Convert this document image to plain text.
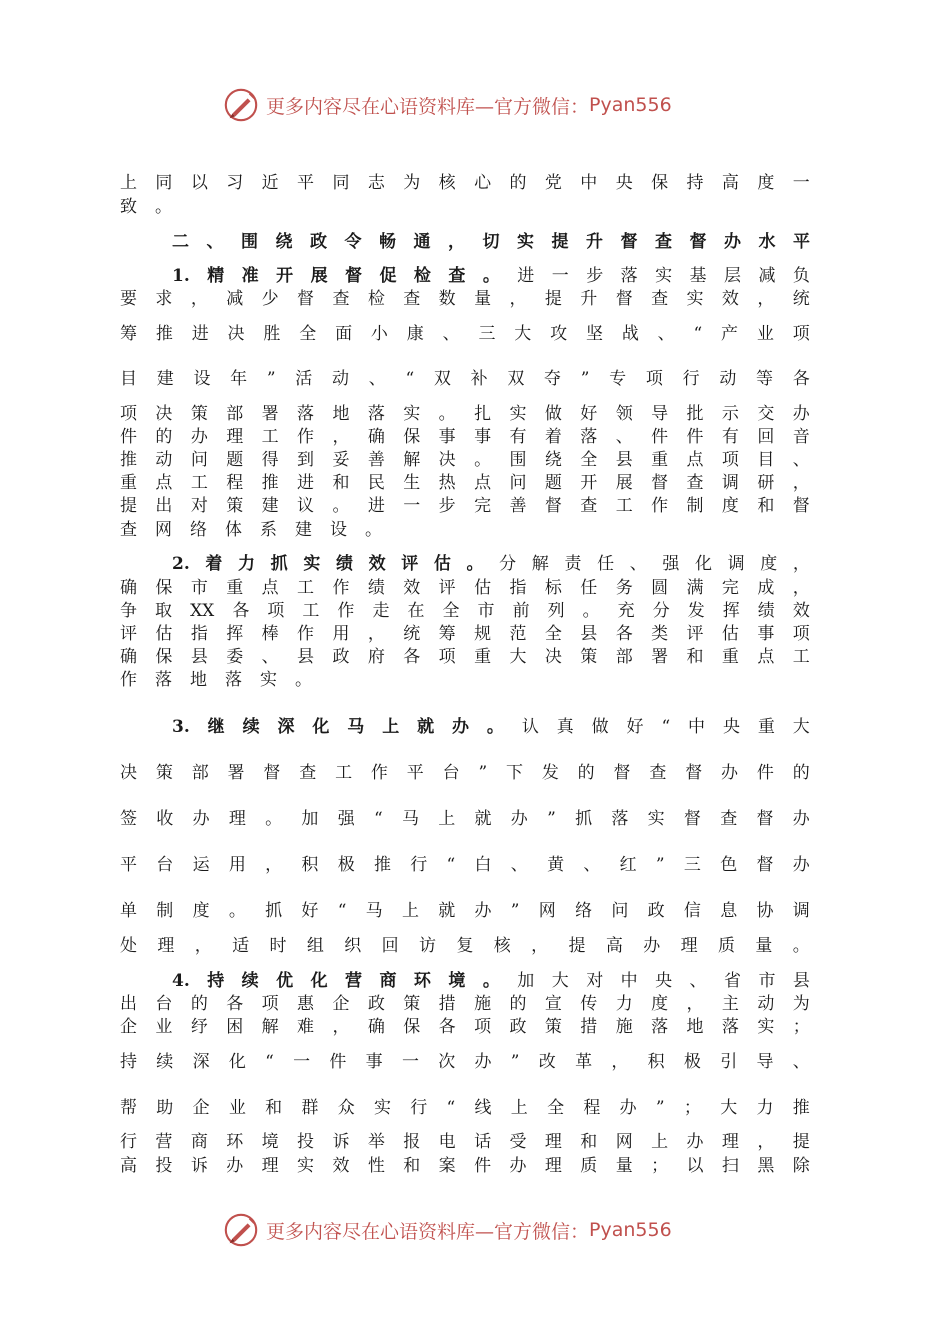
更多内容尽在心语资料库—官方微信： Pyan556
上 同 以 习 近 平 同 志 为 核 心 的 党 中 央 保 持 高 度 一
致 。
二 、 围 绕 政 令 畅 通 ， 切 实 提 升 督 查 督 办 水 平
1. 精 准 开 展 督 促 检 查 。 进 一 步 落 实 基 层 减 负
要 求 ， 减 少 督 查 检 查 数 量 ， 提 升 督 查 实 效 ， 统
筹 推 进 决 胜 全 面 小 康 、 三 大 攻 坚 战 、 “ 产 业 项
目 建 设 年 ” 活 动 、 “ 双 补 双 夺 ” 专 项 行 动 等 各
项 决 策 部 署 落 地 落 实 。 扎 实 做 好 领 导 批 示 交 办
件 的 办 理 工 作 ， 确 保 事 事 有 着 落 、 件 件 有 回 音
推 动 问 题 得 到 妥 善 解 决 。 围 绕 全 县 重 点 项 目 、
重 点 工 程 推 进 和 民 生 热 点 问 题 开 展 督 查 调 研 ，
提 出 对 策 建 议 。 进 一 步 完 善 督 查 工 作 制 度 和 督
查 网 络 体 系 建 设 。
2. 着 力 抓 实 绩 效 评 估 。 分 解 责 任 、 强 化 调 度 ，
确 保 市 重 点 工 作 绩 效 评 估 指 标 任 务 圆 满 完 成 ，
争 取 XX 各 项 工 作 走 在 全 市 前 列 。 充 分 发 挥 绩 效
评 估 指 挥 棒 作 用 ， 统 筹 规 范 全 县 各 类 评 估 事 项
确 保 县 委 、 县 政 府 各 项 重 大 决 策 部 署 和 重 点 工
作 落 地 落 实 。
3. 继 续 深 化 马 上 就 办 。 认 真 做 好 “ 中 央 重 大
决 策 部 署 督 查 工 作 平 台 ” 下 发 的 督 查 督 办 件 的
签 收 办 理 。 加 强 “ 马 上 就 办 ” 抓 落 实 督 查 督 办
平 台 运 用 ， 积 极 推 行 “ 白 、 黄 、 红 ” 三 色 督 办
单 制 度 。 抓 好 “ 马 上 就 办 ” 网 络 问 政 信 息 协 调
处 理 ， 适 时 组 织 回 访 复 核 ， 提 高 办 理 质 量 。
4. 持 续 优 化 营 商 环 境 。 加 大 对 中 央 、 省 市 县
出 台 的 各 项 惠 企 政 策 措 施 的 宣 传 力 度 ， 主 动 为
企 业 纾 困 解 难 ， 确 保 各 项 政 策 措 施 落 地 落 实 ；
持 续 深 化 “ 一 件 事 一 次 办 ” 改 革 ， 积 极 引 导 、
帮 助 企 业 和 群 众 实 行 “ 线 上 全 程 办 ” ； 大 力 推
行 营 商 环 境 投 诉 举 报 电 话 受 理 和 网 上 办 理 ， 提
高 投 诉 办 理 实 效 性 和 案 件 办 理 质 量 ； 以 扫 黑 除
更多内容尽在心语资料库—官方微信： Pyan556
